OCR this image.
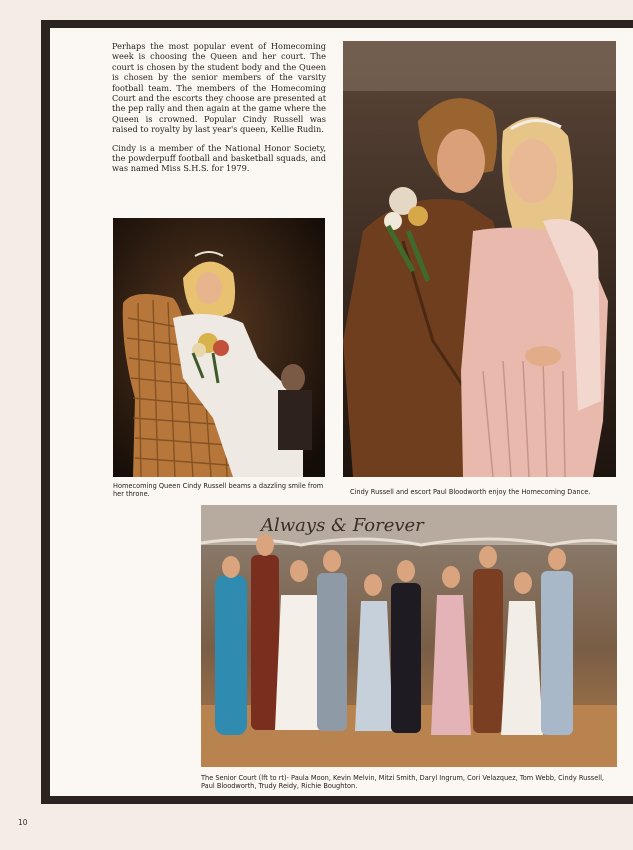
Perhaps the most popular event of Homecoming week is choosing the Queen and her court. The court is chosen by the student body and the Queen is chosen by the senior members of the varsity football team. The members of the Homecoming Court and the escorts they choose are presented at the pep rally and then again at the game where the Queen is crowned. Popular Cindy Russell was raised to royalty by last year's queen, Kellie Rudin.

Cindy is a member of the National Honor Society, the powderpuff football and basketball squads, and was named Miss S.H.S. for 1979.

Homecoming Queen Cindy Russell beams a dazzling smile from her throne.	Cindy Russell and escort Paul Bloodworth enjoy the Homecoming Dance.

Always & Forever

The Senior Court (lft to rt)- Paula Moon, Kevin Melvin, Mitzi Smith, Daryl Ingrum, Cori Velazquez, Tom Webb, Cindy Russell, Paul Bloodworth, Trudy Reidy, Richie Boughton.

10
